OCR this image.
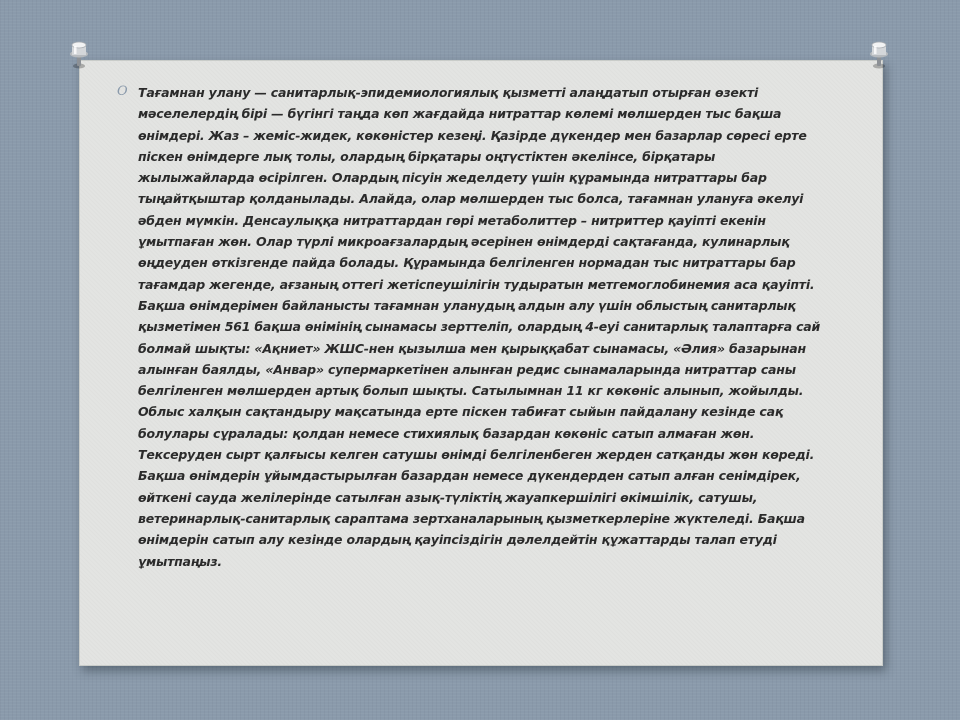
O Тағамнан улану — санитарлық-эпидемиологиялық қызметті алаңдатып отырған өзекті мәселелердің бірі — бүгінгі таңда көп жағдайда нитраттар көлемі мөлшерден тыс бақша өнімдері. Жаз – жеміс-жидек, көкөністер кезеңі. Қазірде дүкендер мен базарлар сөресі ерте піскен өнімдерге лық толы, олардың бірқатары оңтүстіктен әкелінсе, бірқатары жылыжайларда өсірілген. Олардың пісуін жеделдету үшін құрамында нитраттары бар тыңайтқыштар қолданылады. Алайда, олар мөлшерден тыс болса, тағамнан улануға әкелуі әбден мүмкін. Денсаулыққа нитраттардан гөрі метаболиттер – нитриттер қауіпті екенін ұмытпаған жөн. Олар түрлі микроағзалардың әсерінен өнімдерді сақтағанда, кулинарлық өңдеуден өткізгенде пайда болады. Құрамында белгіленген нормадан тыс нитраттары бар тағамдар жегенде, ағзаның оттегі жетіспеушілігін тудыратын метгемоглобинемия аса қауіпті. Бақша өнімдерімен байланысты тағамнан уланудың алдын алу үшін облыстың санитарлық қызметімен 561 бақша өнімінің сынамасы зерттеліп, олардың 4-еуі санитарлық талаптарға сай болмай шықты: «Ақниет» ЖШС-нен қызылша мен қырыққабат сынамасы, «Әлия» базарынан алынған баялды, «Анвар» супермаркетінен алынған редис сынамаларында нитраттар саны белгіленген мөлшерден артық болып шықты. Сатылымнан 11 кг көкөніс алынып, жойылды. Облыс халқын сақтандыру мақсатында ерте піскен табиғат сыйын пайдалану кезінде сақ болулары сұралады: қолдан немесе стихиялық базардан көкөніс сатып алмаған жөн. Тексеруден сырт қалғысы келген сатушы өнімді белгіленбеген жерден сатқанды жөн көреді. Бақша өнімдерін ұйымдастырылған базардан немесе дүкендерден сатып алған сенімдірек, өйткені сауда желілерінде сатылған азық-түліктің жауапкершілігі өкімшілік, сатушы, ветеринарлық-санитарлық сараптама зертханаларының қызметкерлеріне жүктеледі. Бақша өнімдерін сатып алу кезінде олардың қауіпсіздігін дәлелдейтін құжаттарды талап етуді ұмытпаңыз.
